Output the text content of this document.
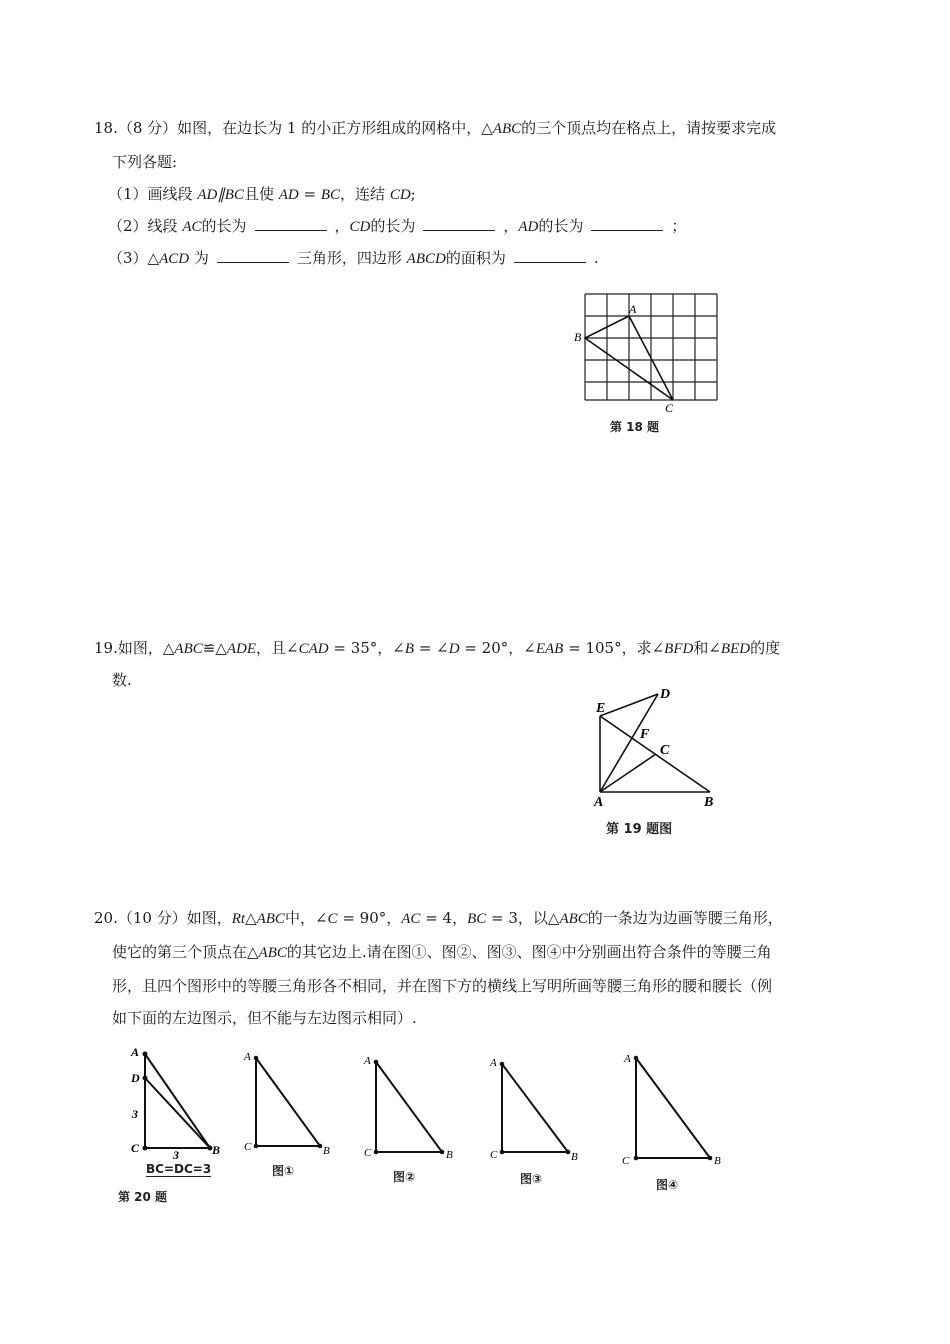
18.（8 分）如图，在边长为 1 的小正方形组成的网格中，△ABC的三个顶点均在格点上，请按要求完成
下列各题:
（1）画线段 AD∥BC且使 AD = BC，连结 CD;
（2）线段 AC的长为	，CD的长为	，AD的长为	；
（3）△ACD 为	三角形，四边形 ABCD的面积为	.
A
B
C
第 18 题
19.如图，△ABC≌△ADE，且∠CAD = 35°，∠B = ∠D = 20°，∠EAB = 105°，求∠BFD和∠BED的度
数.
E
D
F
C
A	B
第 19 题图
20.（10 分）如图，Rt△ABC中，∠C = 90°，AC = 4，BC = 3，以△ABC的一条边为边画等腰三角形，
使它的第三个顶点在△ABC的其它边上.请在图①、图②、图③、图④中分别画出符合条件的等腰三角
形，且四个图形中的等腰三角形各不相同，并在图下方的横线上写明所画等腰三角形的腰和腰长（例
如下面的左边图示，但不能与左边图示相同）.
A
D
3
C	3	B
BC=DC=3
第 20 题
A
C	B
图①
A
C	B
图②
A
C	B
图③
A
C	B
图④
